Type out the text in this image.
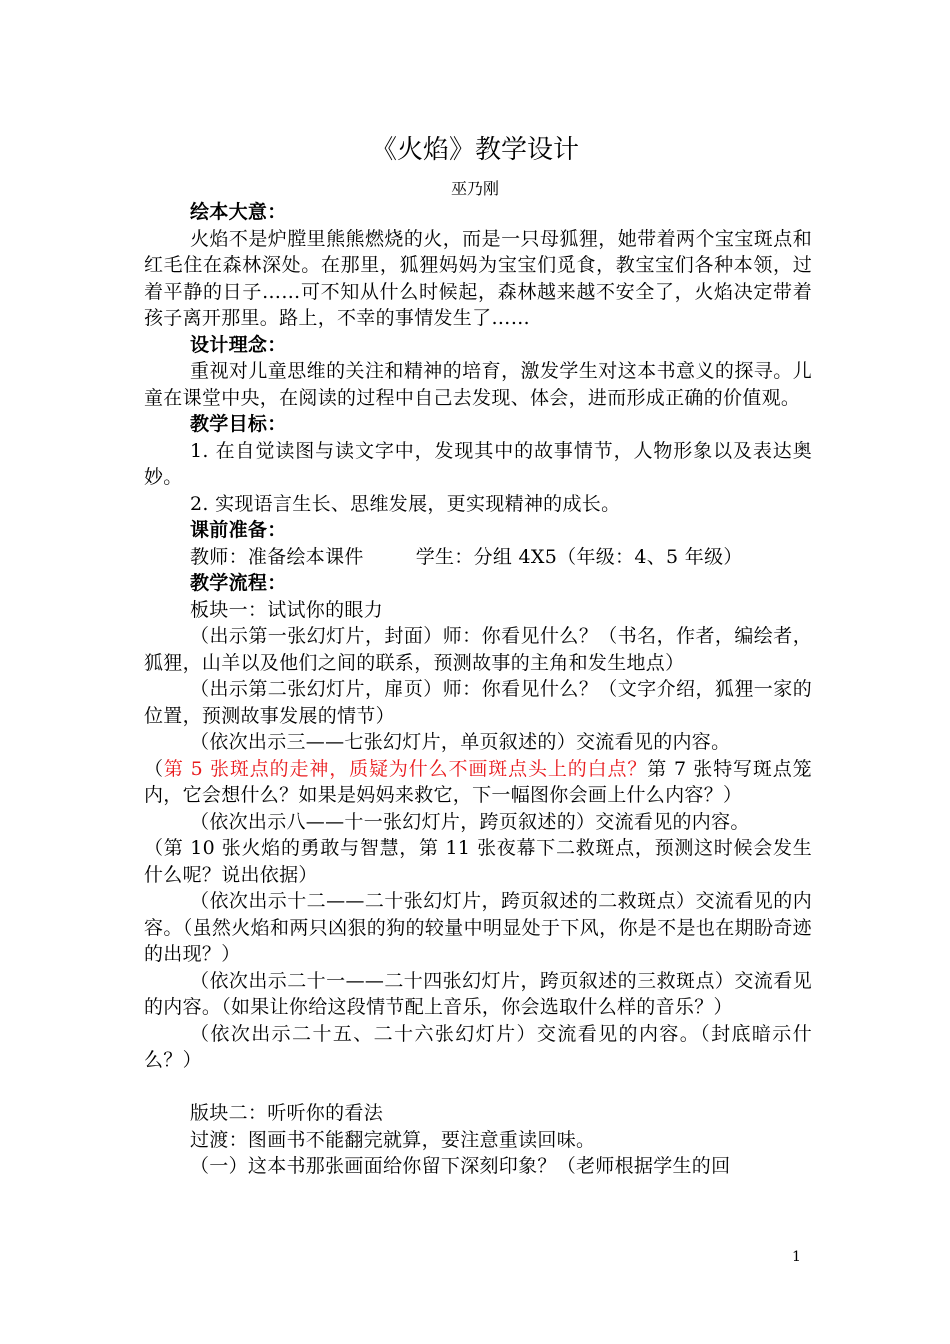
《火焰》教学设计
巫乃刚

绘本大意：

火焰不是炉膛里熊熊燃烧的火，而是一只母狐狸，她带着两个宝宝斑点和红毛住在森林深处。在那里，狐狸妈妈为宝宝们觅食，教宝宝们各种本领，过着平静的日子……可不知从什么时候起，森林越来越不安全了，火焰决定带着孩子离开那里。路上，不幸的事情发生了……

设计理念：

重视对儿童思维的关注和精神的培育，激发学生对这本书意义的探寻。儿童在课堂中央，在阅读的过程中自己去发现、体会，进而形成正确的价值观。

教学目标：

1. 在自觉读图与读文字中，发现其中的故事情节，人物形象以及表达奥妙。

2. 实现语言生长、思维发展，更实现精神的成长。

课前准备：

教师：准备绘本课件	学生：分组 4X5（年级：4、5 年级）

教学流程：

板块一：试试你的眼力

（出示第一张幻灯片，封面）师：你看见什么？（书名，作者，编绘者，狐狸，山羊以及他们之间的联系，预测故事的主角和发生地点）

（出示第二张幻灯片，扉页）师：你看见什么？（文字介绍，狐狸一家的位置，预测故事发展的情节）

（依次出示三——七张幻灯片，单页叙述的）交流看见的内容。

（第 5 张斑点的走神，质疑为什么不画斑点头上的白点？第 7 张特写斑点笼内，它会想什么？如果是妈妈来救它，下一幅图你会画上什么内容？）

（依次出示八——十一张幻灯片，跨页叙述的）交流看见的内容。

（第 10 张火焰的勇敢与智慧，第 11 张夜幕下二救斑点，预测这时候会发生什么呢？说出依据）

（依次出示十二——二十张幻灯片，跨页叙述的二救斑点）交流看见的内容。（虽然火焰和两只凶狠的狗的较量中明显处于下风，你是不是也在期盼奇迹的出现？）

（依次出示二十一——二十四张幻灯片，跨页叙述的三救斑点）交流看见的内容。（如果让你给这段情节配上音乐，你会选取什么样的音乐？）

（依次出示二十五、二十六张幻灯片）交流看见的内容。（封底暗示什么？）

版块二：听听你的看法

过渡：图画书不能翻完就算，要注意重读回味。

（一）这本书那张画面给你留下深刻印象？（老师根据学生的回

1
